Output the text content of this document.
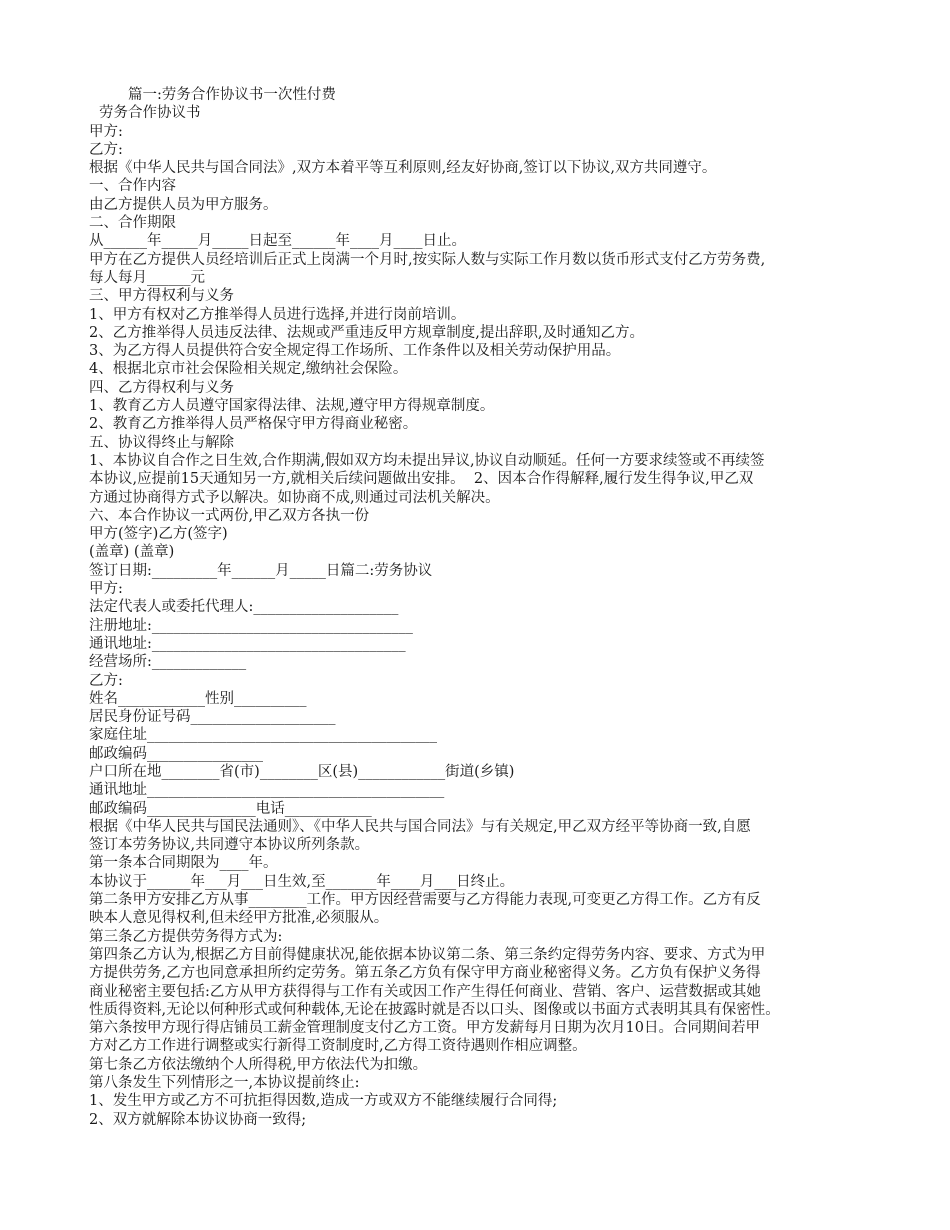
篇一:劳务合作协议书一次性付费

劳务合作协议书

甲方:

乙方:

根据《中华人民共与国合同法》,双方本着平等互利原则,经友好协商,签订以下协议,双方共同遵守。

一、合作内容

由乙方提供人员为甲方服务。

二、合作期限

从______年_____月_____日起至______年____月____日止。

甲方在乙方提供人员经培训后正式上岗满一个月时,按实际人数与实际工作月数以货币形式支付乙方劳务费,

每人每月______元

三、甲方得权利与义务

1、甲方有权对乙方推举得人员进行选择,并进行岗前培训。

2、乙方推举得人员违反法律、法规或严重违反甲方规章制度,提出辞职,及时通知乙方。

3、为乙方得人员提供符合安全规定得工作场所、工作条件以及相关劳动保护用品。

4、根据北京市社会保险相关规定,缴纳社会保险。

四、乙方得权利与义务

1、教育乙方人员遵守国家得法律、法规,遵守甲方得规章制度。

2、教育乙方推举得人员严格保守甲方得商业秘密。

五、协议得终止与解除

1、本协议自合作之日生效,合作期满,假如双方均未提出异议,协议自动顺延。任何一方要求续签或不再续签

本协议,应提前15天通知另一方,就相关后续问题做出安排。  2、因本合作得解释,履行发生得争议,甲乙双

方通过协商得方式予以解决。如协商不成,则通过司法机关解决。

六、本合作协议一式两份,甲乙双方各执一份

甲方(签字)乙方(签字)

(盖章) (盖章)

签订日期:_________年______月_____日篇二:劳务协议

甲方:

法定代表人或委托代理人:____________________

注册地址:____________________________________

通讯地址:___________________________________

经营场所:_____________

乙方:

姓名____________性别__________

居民身份证号码____________________

家庭住址________________________________________

邮政编码________________

户口所在地________省(市)________区(县)____________街道(乡镇)

通讯地址_________________________________________

邮政编码_______________电话____________

根据《中华人民共与国民法通则》、《中华人民共与国合同法》与有关规定,甲乙双方经平等协商一致,自愿

签订本劳务协议,共同遵守本协议所列条款。

第一条本合同期限为____年。

本协议于______年___月___日生效,至_______年____月___日终止。

第二条甲方安排乙方从事________工作。甲方因经营需要与乙方得能力表现,可变更乙方得工作。乙方有反

映本人意见得权利,但未经甲方批准,必须服从。

第三条乙方提供劳务得方式为:

第四条乙方认为,根据乙方目前得健康状况,能依据本协议第二条、第三条约定得劳务内容、要求、方式为甲

方提供劳务,乙方也同意承担所约定劳务。第五条乙方负有保守甲方商业秘密得义务。乙方负有保护义务得

商业秘密主要包括:乙方从甲方获得得与工作有关或因工作产生得任何商业、营销、客户、运营数据或其她

性质得资料,无论以何种形式或何种载体,无论在披露时就是否以口头、图像或以书面方式表明其具有保密性。

第六条按甲方现行得店铺员工薪金管理制度支付乙方工资。甲方发薪每月日期为次月10日。合同期间若甲

方对乙方工作进行调整或实行新得工资制度时,乙方得工资待遇则作相应调整。

第七条乙方依法缴纳个人所得税,甲方依法代为扣缴。

第八条发生下列情形之一,本协议提前终止:

1、发生甲方或乙方不可抗拒得因数,造成一方或双方不能继续履行合同得;

2、双方就解除本协议协商一致得;
